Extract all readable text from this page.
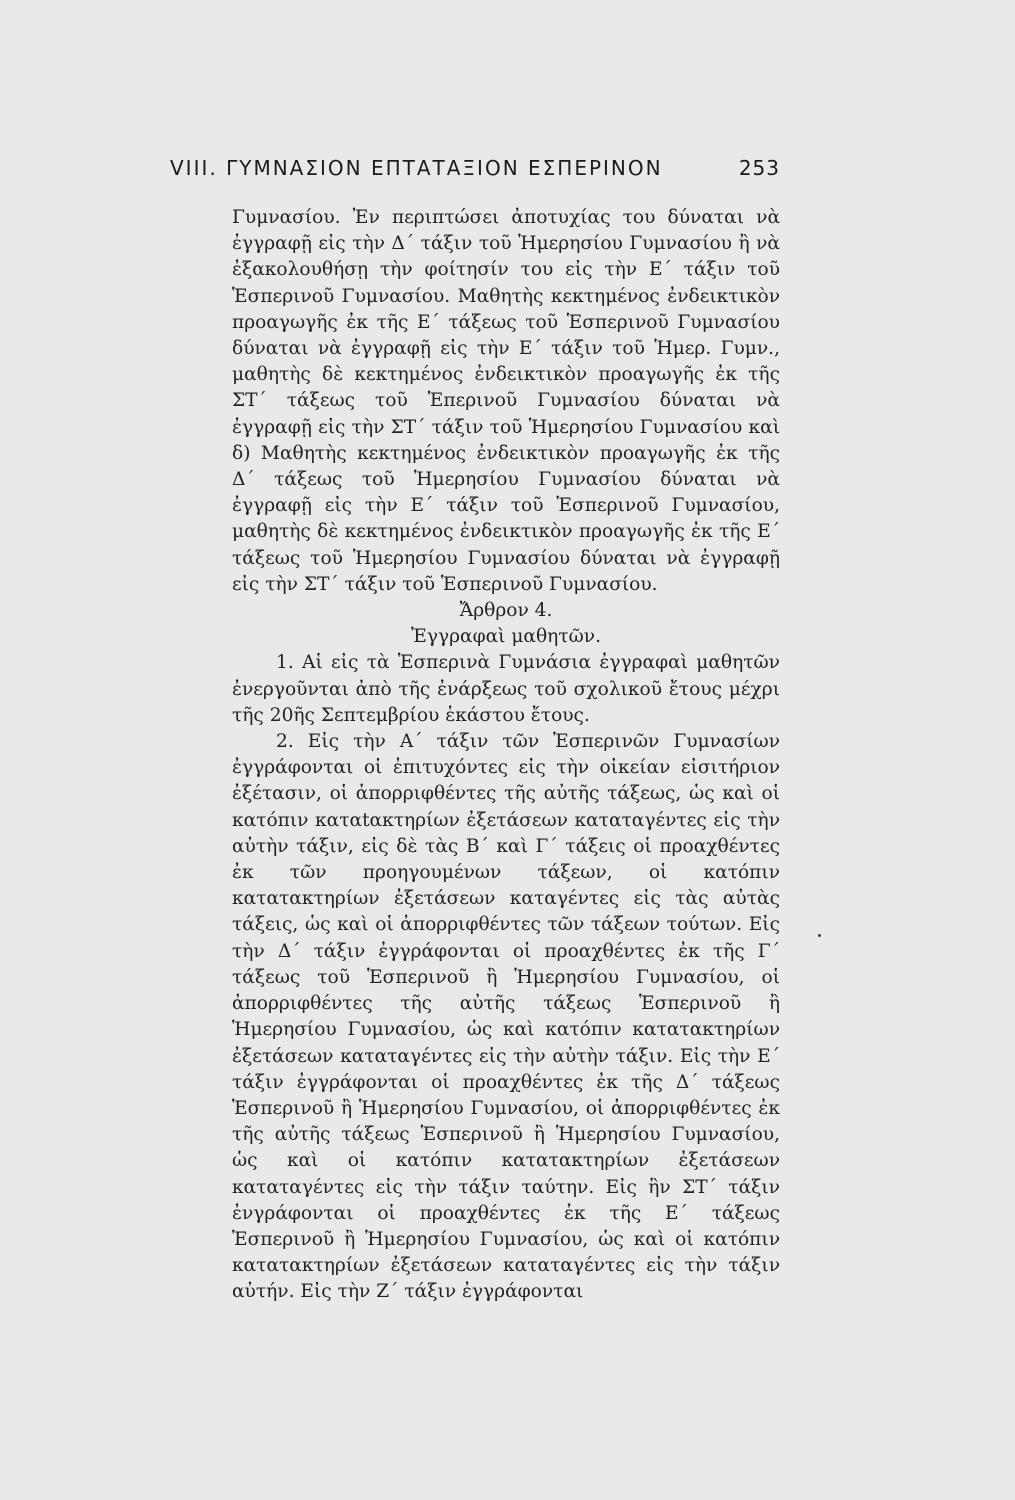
VIII. ΓΥΜΝΑΣΙΟΝ ΕΠΤΑΤΑΞΙΟΝ ΕΣΠΕΡΙΝΟΝ	253

Γυμνασίου. Ἐν περιπτώσει ἀποτυχίας του δύναται νὰ ἐγγραφῇ εἰς τὴν Δ΄ τάξιν τοῦ Ἡμερησίου Γυμνασίου ἢ νὰ ἐξακολουθήσῃ τὴν φοίτησίν του εἰς τὴν Ε΄ τάξιν τοῦ Ἑσπερινοῦ Γυμνασίου. Μαθητὴς κεκτημένος ἐνδεικτικὸν προαγωγῆς ἐκ τῆς Ε΄ τάξεως τοῦ Ἑσπερινοῦ Γυμνασίου δύναται νὰ ἐγγραφῇ εἰς τὴν Ε΄ τάξιν τοῦ Ἡμερ. Γυμν., μαθητὴς δὲ κεκτημένος ἐνδεικτικὸν προαγωγῆς ἐκ τῆς ΣΤ΄ τάξεως τοῦ Ἑπερινοῦ Γυμνασίου δύναται νὰ ἐγγραφῇ εἰς τὴν ΣΤ΄ τάξιν τοῦ Ἡμερησίου Γυμνασίου καὶ δ) Μαθητὴς κεκτημένος ἐνδεικτικὸν προαγωγῆς ἐκ τῆς Δ΄ τάξεως τοῦ Ἡμερησίου Γυμνασίου δύναται νὰ ἐγγραφῇ εἰς τὴν Ε΄ τάξιν τοῦ Ἑσπερινοῦ Γυμνασίου, μαθητὴς δὲ κεκτημένος ἐνδεικτικὸν προαγωγῆς ἐκ τῆς Ε΄ τάξεως τοῦ Ἡμερησίου Γυμνασίου δύναται νὰ ἐγγραφῇ εἰς τὴν ΣΤ΄ τάξιν τοῦ Ἑσπερινοῦ Γυμνασίου.

Ἄρθρον 4.

Ἐγγραφαὶ μαθητῶν.

1. Αἱ εἰς τὰ Ἑσπερινὰ Γυμνάσια ἐγγραφαὶ μαθητῶν ἐνεργοῦνται ἀπὸ τῆς ἐνάρξεως τοῦ σχολικοῦ ἔτους μέχρι τῆς 20ῆς Σεπτεμβρίου ἑκάστου ἔτους.

2. Εἰς τὴν Α΄ τάξιν τῶν Ἑσπερινῶν Γυμνασίων ἐγγράφονται οἱ ἐπιτυχόντες εἰς τὴν οἰκείαν εἰσιτήριον ἐξέτασιν, οἱ ἀπορριφθέντες τῆς αὐτῆς τάξεως, ὡς καὶ οἱ κατόπιν καταtακτηρίων ἐξετάσεων καταταγέντες εἰς τὴν αὐτὴν τάξιν, εἰς δὲ τὰς Β΄ καὶ Γ΄ τάξεις οἱ προαχθέντες ἐκ τῶν προηγουμένων τάξεων, οἱ κατόπιν κατατακτηρίων ἐξετάσεων καταγέντες εἰς τὰς αὐτὰς τάξεις, ὡς καὶ οἱ ἀπορριφθέντες τῶν τάξεων τούτων. Εἰς τὴν Δ΄ τάξιν ἐγγράφονται οἱ προαχθέντες ἐκ τῆς Γ΄ τάξεως τοῦ Ἑσπερινοῦ ἢ Ἡμερησίου Γυμνασίου, οἱ ἀπορριφθέντες τῆς αὐτῆς τάξεως Ἑσπερινοῦ ἢ Ἡμερησίου Γυμνασίου, ὡς καὶ κατόπιν κατατακτηρίων ἐξετάσεων καταταγέντες εἰς τὴν αὐτὴν τάξιν. Εἰς τὴν Ε΄ τάξιν ἐγγράφονται οἱ προαχθέντες ἐκ τῆς Δ΄ τάξεως Ἑσπερινοῦ ἢ Ἡμερησίου Γυμνασίου, οἱ ἀπορριφθέντες ἐκ τῆς αὐτῆς τάξεως Ἑσπερινοῦ ἢ Ἡμερησίου Γυμνασίου, ὡς καὶ οἱ κατόπιν κατατακτηρίων ἐξετάσεων καταταγέντες εἰς τὴν τάξιν ταύτην. Εἰς ἣν ΣΤ΄ τάξιν ἐνγράφονται οἱ προαχθέντες ἐκ τῆς Ε΄ τάξεως Ἑσπερινοῦ ἢ Ἡμερησίου Γυμνασίου, ὡς καὶ οἱ κατόπιν κατατακτηρίων ἐξετάσεων καταταγέντες εἰς τὴν τάξιν αὐτήν. Εἰς τὴν Ζ΄ τάξιν ἐγγράφονται
